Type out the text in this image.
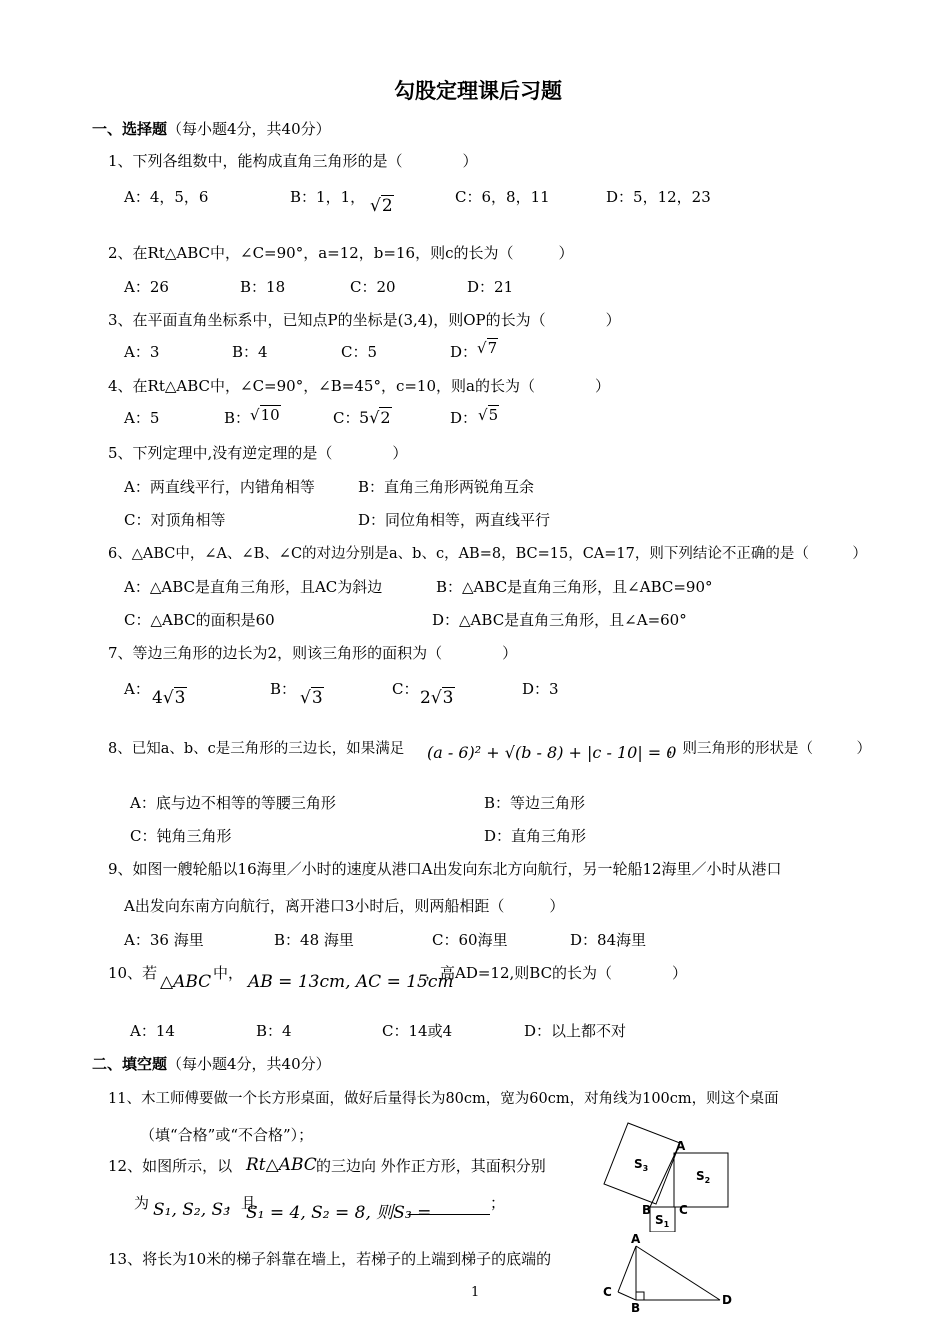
勾股定理课后习题
一、选择题（每小题4分，共40分）
1、下列各组数中，能构成直角三角形的是（　　　　）
A：4，5，6	B：1，1， √2	C：6，8，11	D：5，12，23
2、在Rt△ABC中，∠C=90°，a=12，b=16，则c的长为（　　　）
A：26	B：18	C：20	D：21
3、在平面直角坐标系中，已知点P的坐标是(3,4)，则OP的长为（　　　　）
A：3	B：4	C：5	D： √7
4、在Rt△ABC中，∠C=90°，∠B=45°，c=10，则a的长为（　　　　）
A：5	B： √10	C： 5√2	D： √5
5、下列定理中,没有逆定理的是（　　　　）
A：两直线平行，内错角相等	B：直角三角形两锐角互余
C：对顶角相等	D：同位角相等，两直线平行
6、△ABC中，∠A、∠B、∠C的对边分别是a、b、c，AB=8，BC=15，CA=17，则下列结论不正确的是（　　　）
A：△ABC是直角三角形，且AC为斜边	B：△ABC是直角三角形，且∠ABC=90°
C：△ABC的面积是60	D：△ABC是直角三角形，且∠A=60°
7、等边三角形的边长为2，则该三角形的面积为（　　　　）
A： 4√3	B： √3	C： 2√3	D：3
8、已知a、b、c是三角形的三边长，如果满足 (a - 6)² + √(b - 8) + |c - 10| = 0
，则三角形的形状是（　　　）
A：底与边不相等的等腰三角形	B：等边三角形
C：钝角三角形	D：直角三角形
9、如图一艘轮船以16海里／小时的速度从港口A出发向东北方向航行，另一轮船12海里／小时从港口
A出发向东南方向航行，离开港口3小时后，则两船相距（　　　）
A：36 海里	B：48 海里	C：60海里	D：84海里
10、若 △ABC 中， AB = 13cm, AC = 15cm
，高AD=12,则BC的长为（　　　　）
A：14	B：4	C：14或4	D：以上都不对
二、填空题（每小题4分，共40分）
11、木工师傅要做一个长方形桌面，做好后量得长为80cm，宽为60cm，对角线为100cm，则这个桌面
（填“合格”或“不合格”）；
12、如图所示，以 Rt△ABC 的三边向 外作正方形，其面积分别
为 S₁, S₂, S₃
，且
S₁ = 4, S₂ = 8, 则S₃ =	；
13、将长为10米的梯子斜靠在墙上，若梯子的上端到梯子的底端的
A
B C
$S_3$
$S_2$
$S_1$
A
C
B
D
1
